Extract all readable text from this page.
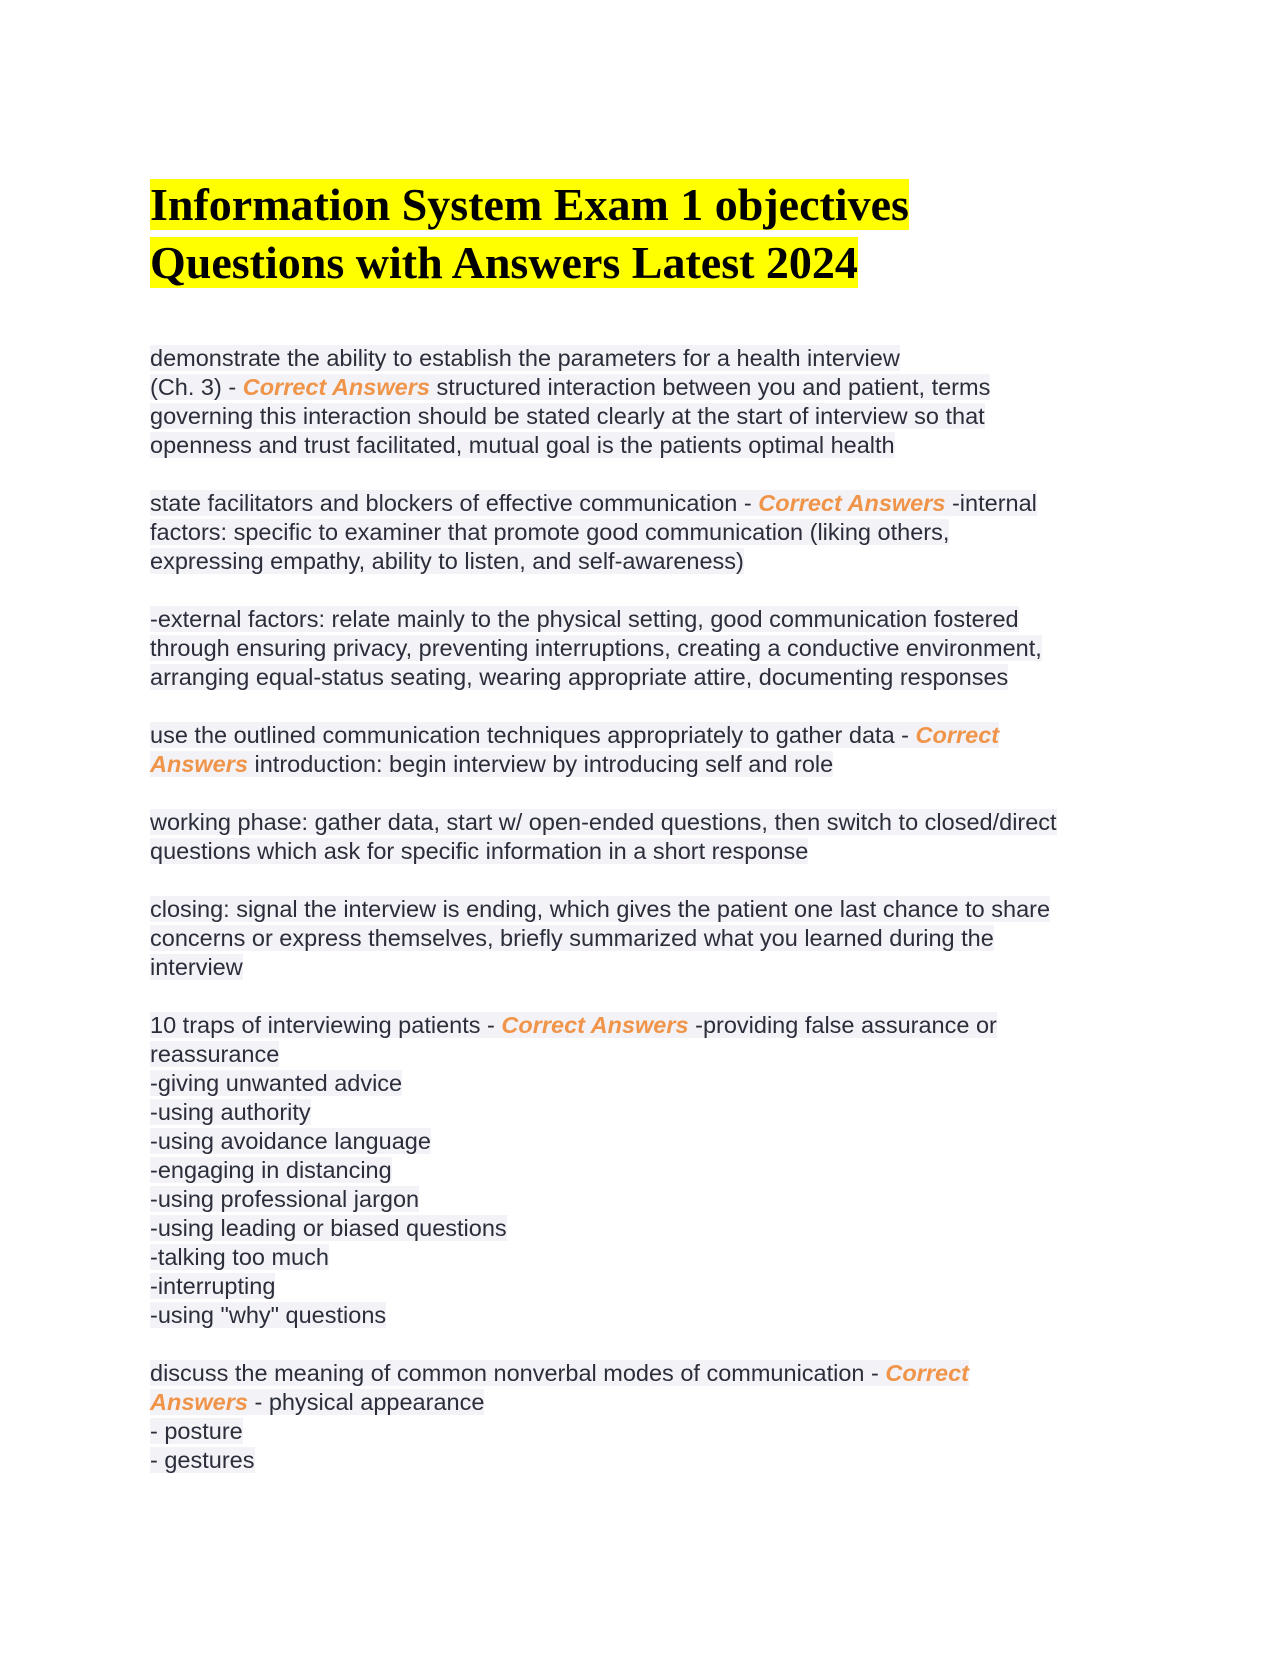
Information System Exam 1 objectives
Questions with Answers Latest 2024
demonstrate the ability to establish the parameters for a health interview
(Ch. 3) - Correct Answers structured interaction between you and patient, terms
governing this interaction should be stated clearly at the start of interview so that
openness and trust facilitated, mutual goal is the patients optimal health
state facilitators and blockers of effective communication - Correct Answers -internal
factors: specific to examiner that promote good communication (liking others,
expressing empathy, ability to listen, and self-awareness)
-external factors: relate mainly to the physical setting, good communication fostered
through ensuring privacy, preventing interruptions, creating a conductive environment,
arranging equal-status seating, wearing appropriate attire, documenting responses
use the outlined communication techniques appropriately to gather data - Correct
Answers introduction: begin interview by introducing self and role
working phase: gather data, start w/ open-ended questions, then switch to closed/direct
questions which ask for specific information in a short response
closing: signal the interview is ending, which gives the patient one last chance to share
concerns or express themselves, briefly summarized what you learned during the
interview
10 traps of interviewing patients - Correct Answers -providing false assurance or
reassurance
-giving unwanted advice
-using authority
-using avoidance language
-engaging in distancing
-using professional jargon
-using leading or biased questions
-talking too much
-interrupting
-using "why" questions
discuss the meaning of common nonverbal modes of communication - Correct
Answers - physical appearance
- posture
- gestures
